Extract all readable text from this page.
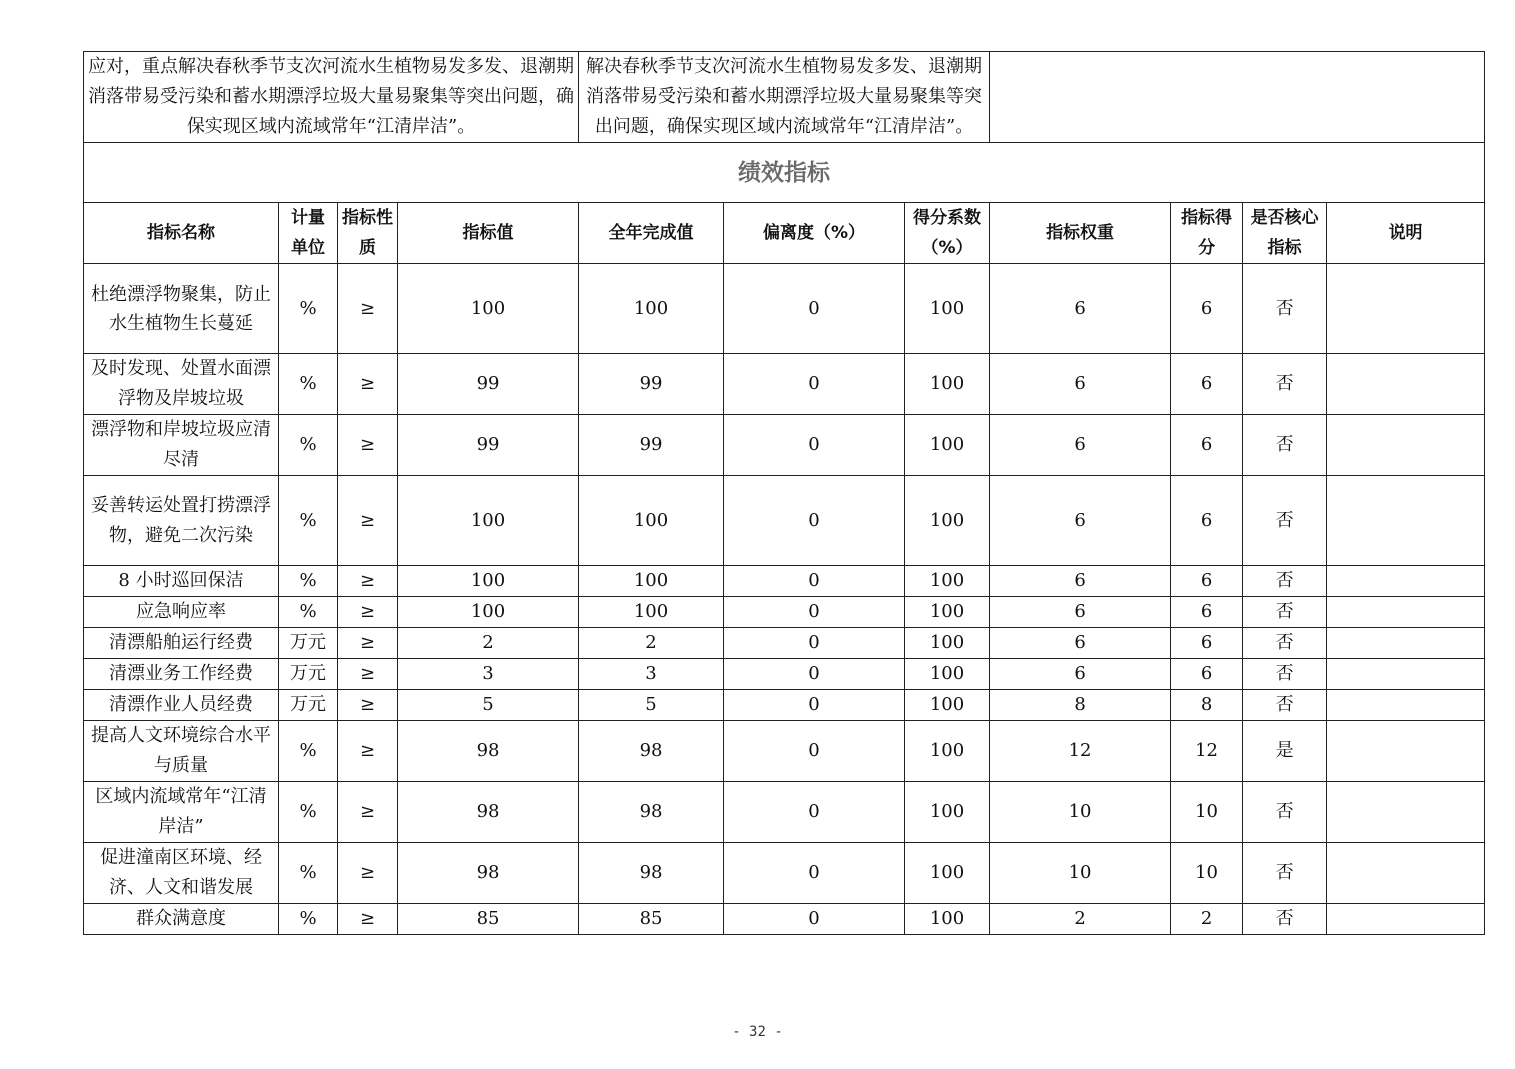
应对，重点解决春秋季节支次河流水生植物易发多发、退潮期消落带易受污染和蓄水期漂浮垃圾大量易聚集等突出问题，确保实现区域内流域常年“江清岸洁”。				解决春秋季节支次河流水生植物易发多发、退潮期消落带易受污染和蓄水期漂浮垃圾大量易聚集等突出问题，确保实现区域内流域常年“江清岸洁”。						
绩效指标										
指标名称	计量单位	指标性质	指标值	全年完成值	偏离度（%）	得分系数（%）	指标权重	指标得分	是否核心指标	说明
杜绝漂浮物聚集，防止水生植物生长蔓延	%	≥	100	100	0	100	6	6	否	
及时发现、处置水面漂浮物及岸坡垃圾	%	≥	99	99	0	100	6	6	否	
漂浮物和岸坡垃圾应清尽清	%	≥	99	99	0	100	6	6	否	
妥善转运处置打捞漂浮物，避免二次污染	%	≥	100	100	0	100	6	6	否	
8 小时巡回保洁	%	≥	100	100	0	100	6	6	否	
应急响应率	%	≥	100	100	0	100	6	6	否	
清漂船舶运行经费	万元	≥	2	2	0	100	6	6	否	
清漂业务工作经费	万元	≥	3	3	0	100	6	6	否	
清漂作业人员经费	万元	≥	5	5	0	100	8	8	否	
提高人文环境综合水平与质量	%	≥	98	98	0	100	12	12	是	
区域内流域常年“江清岸洁”	%	≥	98	98	0	100	10	10	否	
促进潼南区环境、经济、人文和谐发展	%	≥	98	98	0	100	10	10	否	
群众满意度	%	≥	85	85	0	100	2	2	否	
- 32 -
